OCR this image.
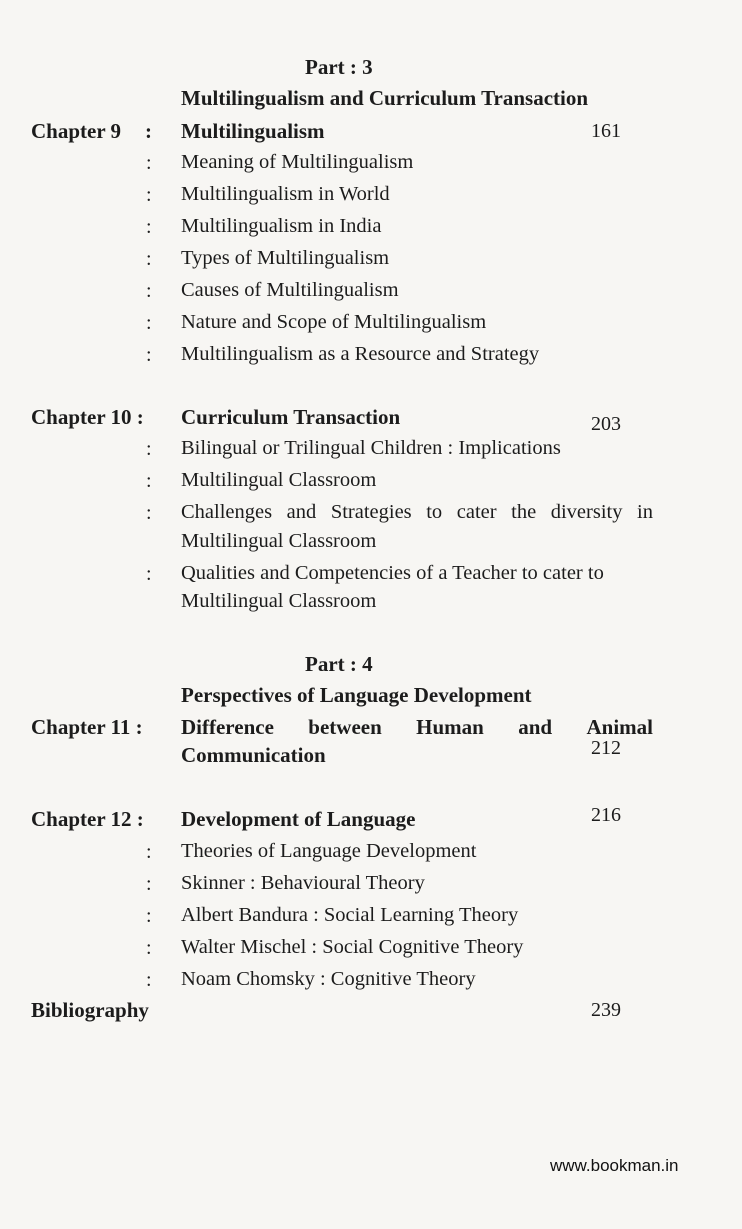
Part : 3
Multilingualism and Curriculum Transaction
Chapter 9 : Multilingualism	161
: Meaning of Multilingualism
: Multilingualism in World
: Multilingualism in India
: Types of Multilingualism
: Causes of Multilingualism
: Nature and Scope of Multilingualism
: Multilingualism as a Resource and Strategy
Chapter 10 : Curriculum Transaction	203
: Bilingual or Trilingual Children : Implications
: Multilingual Classroom
: Challenges and Strategies to cater the diversity in
Multilingual Classroom
: Qualities and Competencies of a Teacher to cater to
Multilingual Classroom
Part : 4
Perspectives of Language Development
Chapter 11 : Difference between Human and Animal
Communication	212
Chapter 12 : Development of Language	216
: Theories of Language Development
: Skinner : Behavioural Theory
: Albert Bandura : Social Learning Theory
: Walter Mischel : Social Cognitive Theory
: Noam Chomsky : Cognitive Theory
Bibliography	239
www.bookman.in
